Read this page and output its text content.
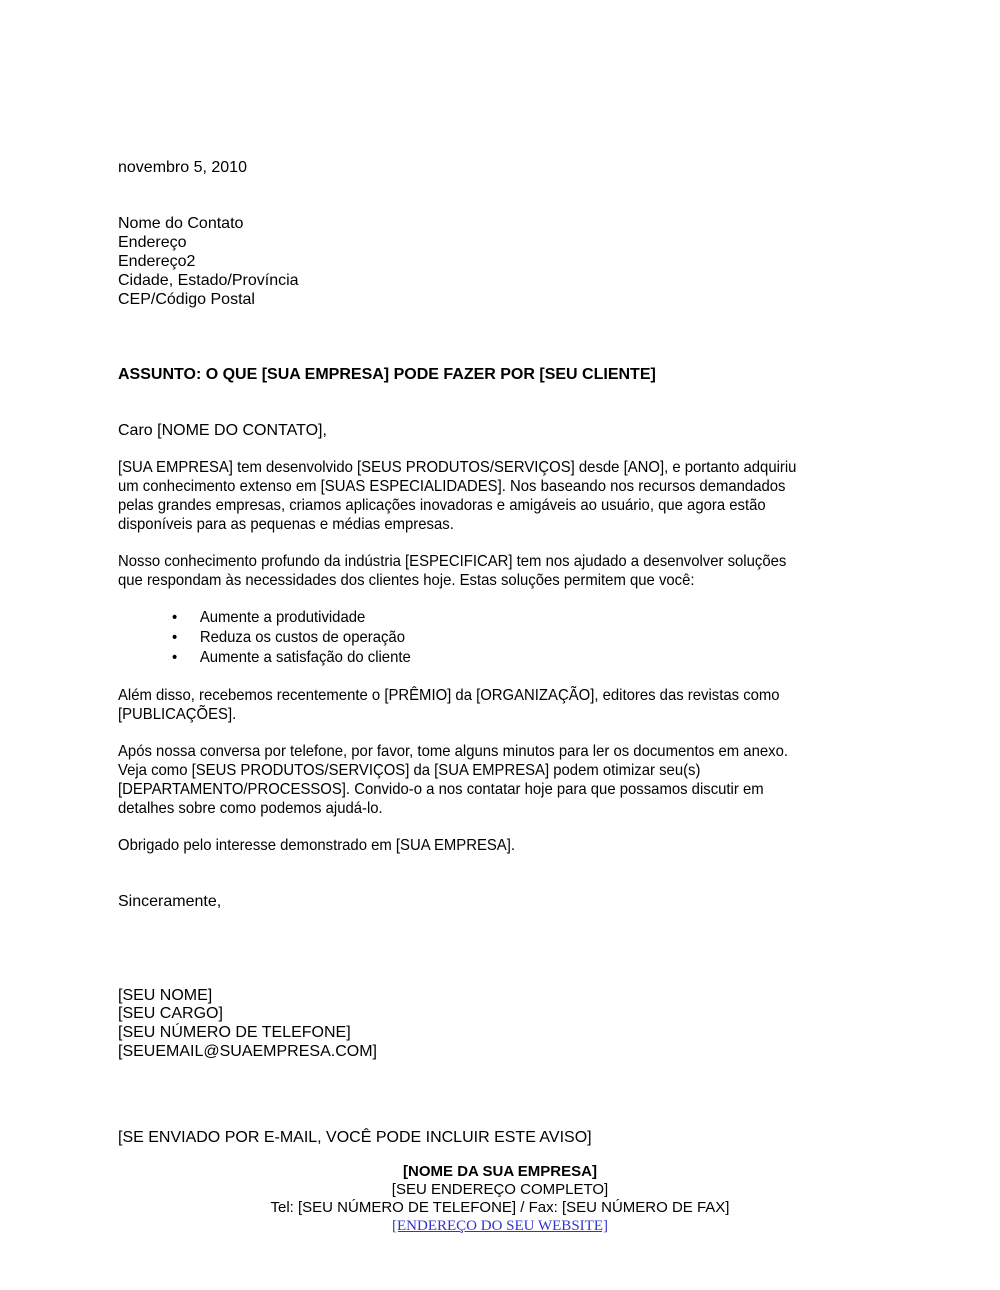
novembro 5, 2010
Nome do Contato
Endereço
Endereço2
Cidade, Estado/Província
CEP/Código Postal
ASSUNTO: O QUE [SUA EMPRESA] PODE FAZER POR [SEU CLIENTE]
Caro [NOME DO CONTATO],
[SUA EMPRESA] tem desenvolvido [SEUS PRODUTOS/SERVIÇOS] desde [ANO], e portanto adquiriu
um conhecimento extenso em [SUAS ESPECIALIDADES]. Nos baseando nos recursos demandados
pelas grandes empresas, criamos aplicações inovadoras e amigáveis ao usuário, que agora estão
disponíveis para as pequenas e médias empresas.
Nosso conhecimento profundo da indústria [ESPECIFICAR] tem nos ajudado a desenvolver soluções
que respondam às necessidades dos clientes hoje. Estas soluções permitem que você:
• Aumente a produtividade
• Reduza os custos de operação
• Aumente a satisfação do cliente
Além disso, recebemos recentemente o [PRÊMIO] da [ORGANIZAÇÃO], editores das revistas como
[PUBLICAÇÕES].
Após nossa conversa por telefone, por favor, tome alguns minutos para ler os documentos em anexo.
Veja como [SEUS PRODUTOS/SERVIÇOS] da [SUA EMPRESA] podem otimizar seu(s)
[DEPARTAMENTO/PROCESSOS]. Convido-o a nos contatar hoje para que possamos discutir em
detalhes sobre como podemos ajudá-lo.
Obrigado pelo interesse demonstrado em [SUA EMPRESA].
Sinceramente,
[SEU NOME]
[SEU CARGO]
[SEU NÚMERO DE TELEFONE]
[SEUEMAIL@SUAEMPRESA.COM]
[SE ENVIADO POR E-MAIL, VOCÊ PODE INCLUIR ESTE AVISO]
[NOME DA SUA EMPRESA]
[SEU ENDEREÇO COMPLETO]
Tel: [SEU NÚMERO DE TELEFONE] / Fax: [SEU NÚMERO DE FAX]
[ENDEREÇO DO SEU WEBSITE]
